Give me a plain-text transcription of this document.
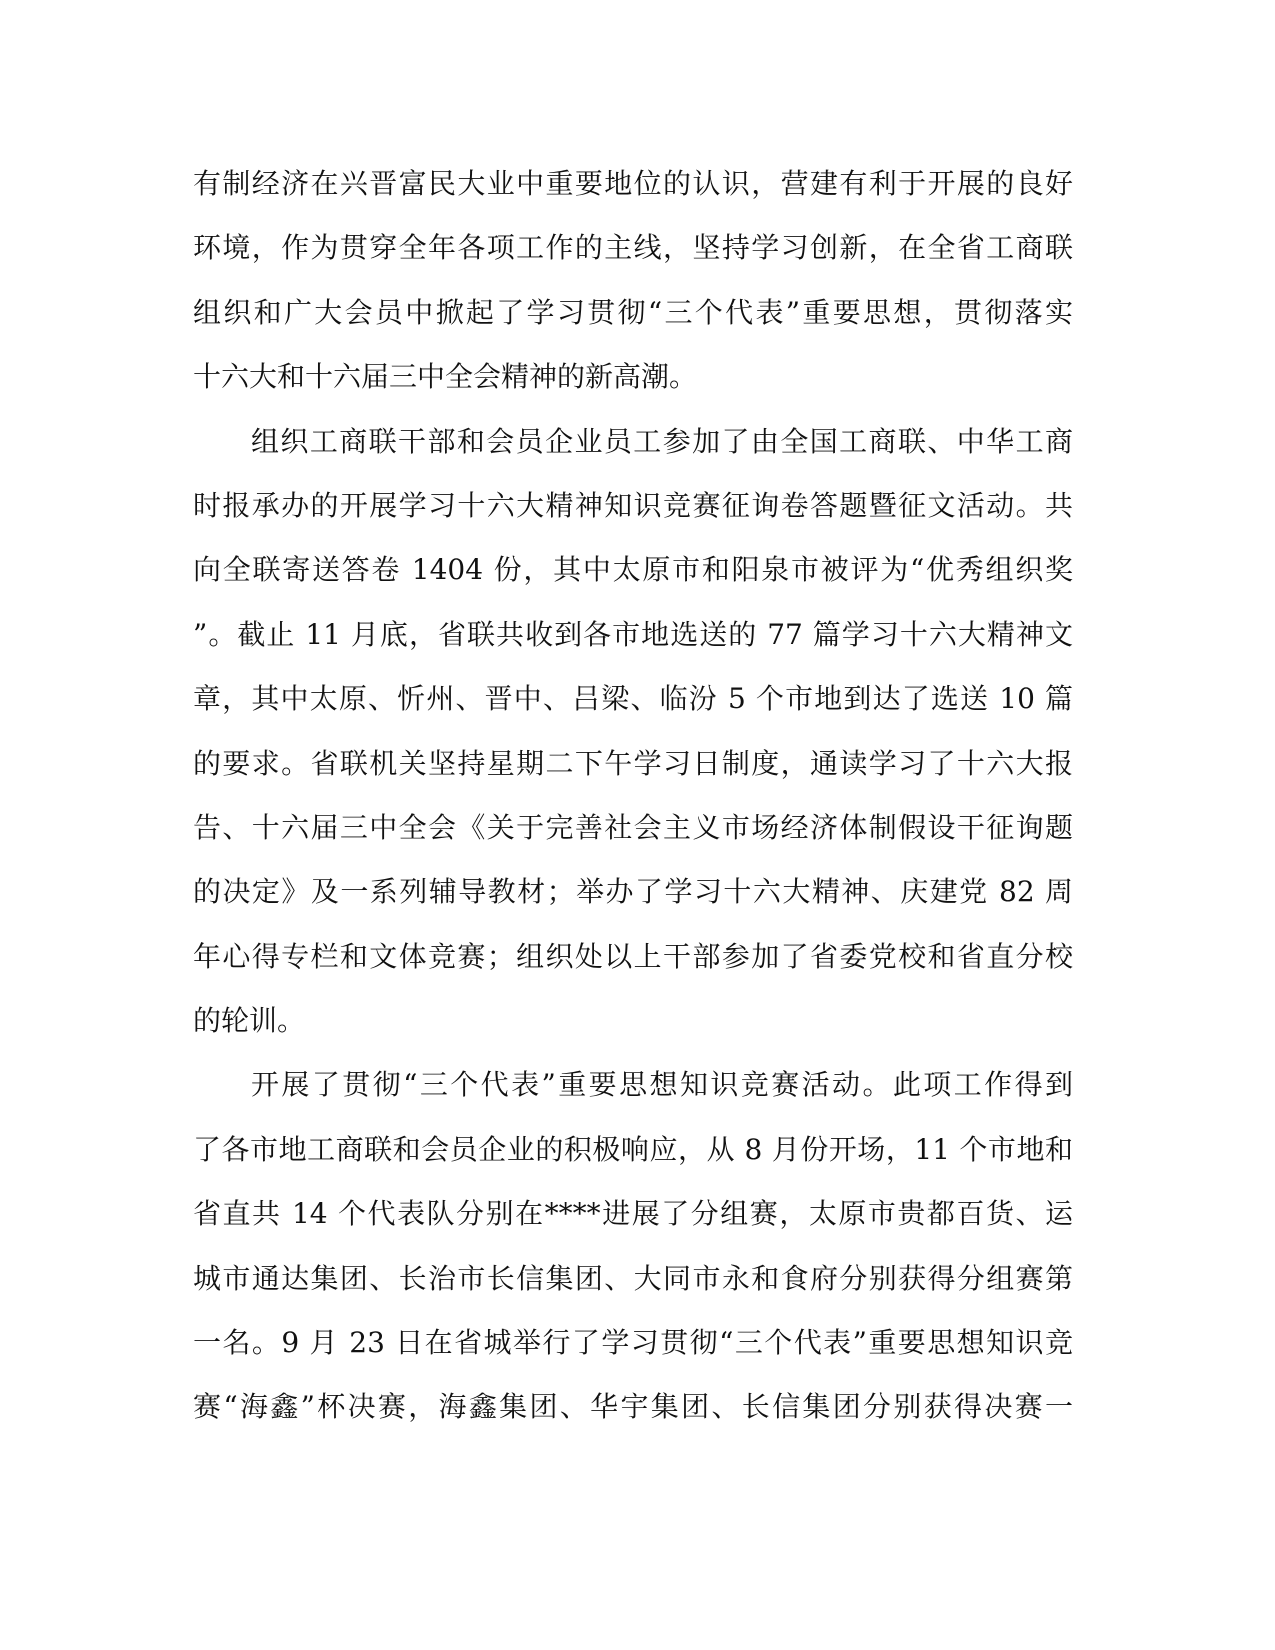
有制经济在兴晋富民大业中重要地位的认识，营建有利于开展的良好
环境，作为贯穿全年各项工作的主线，坚持学习创新，在全省工商联
组织和广大会员中掀起了学习贯彻“三个代表”重要思想，贯彻落实
十六大和十六届三中全会精神的新高潮。
组织工商联干部和会员企业员工参加了由全国工商联、中华工商
时报承办的开展学习十六大精神知识竞赛征询卷答题暨征文活动。共
向全联寄送答卷 1404 份，其中太原市和阳泉市被评为“优秀组织奖
”。截止 11 月底，省联共收到各市地选送的 77 篇学习十六大精神文
章，其中太原、忻州、晋中、吕梁、临汾 5 个市地到达了选送 10 篇
的要求。省联机关坚持星期二下午学习日制度，通读学习了十六大报
告、十六届三中全会《关于完善社会主义市场经济体制假设干征询题
的决定》及一系列辅导教材；举办了学习十六大精神、庆建党 82 周
年心得专栏和文体竞赛；组织处以上干部参加了省委党校和省直分校
的轮训。
开展了贯彻“三个代表”重要思想知识竞赛活动。此项工作得到
了各市地工商联和会员企业的积极响应，从 8 月份开场，11 个市地和
省直共 14 个代表队分别在****进展了分组赛，太原市贵都百货、运
城市通达集团、长治市长信集团、大同市永和食府分别获得分组赛第
一名。9 月 23 日在省城举行了学习贯彻“三个代表”重要思想知识竞
赛“海鑫”杯决赛，海鑫集团、华宇集团、长信集团分别获得决赛一
